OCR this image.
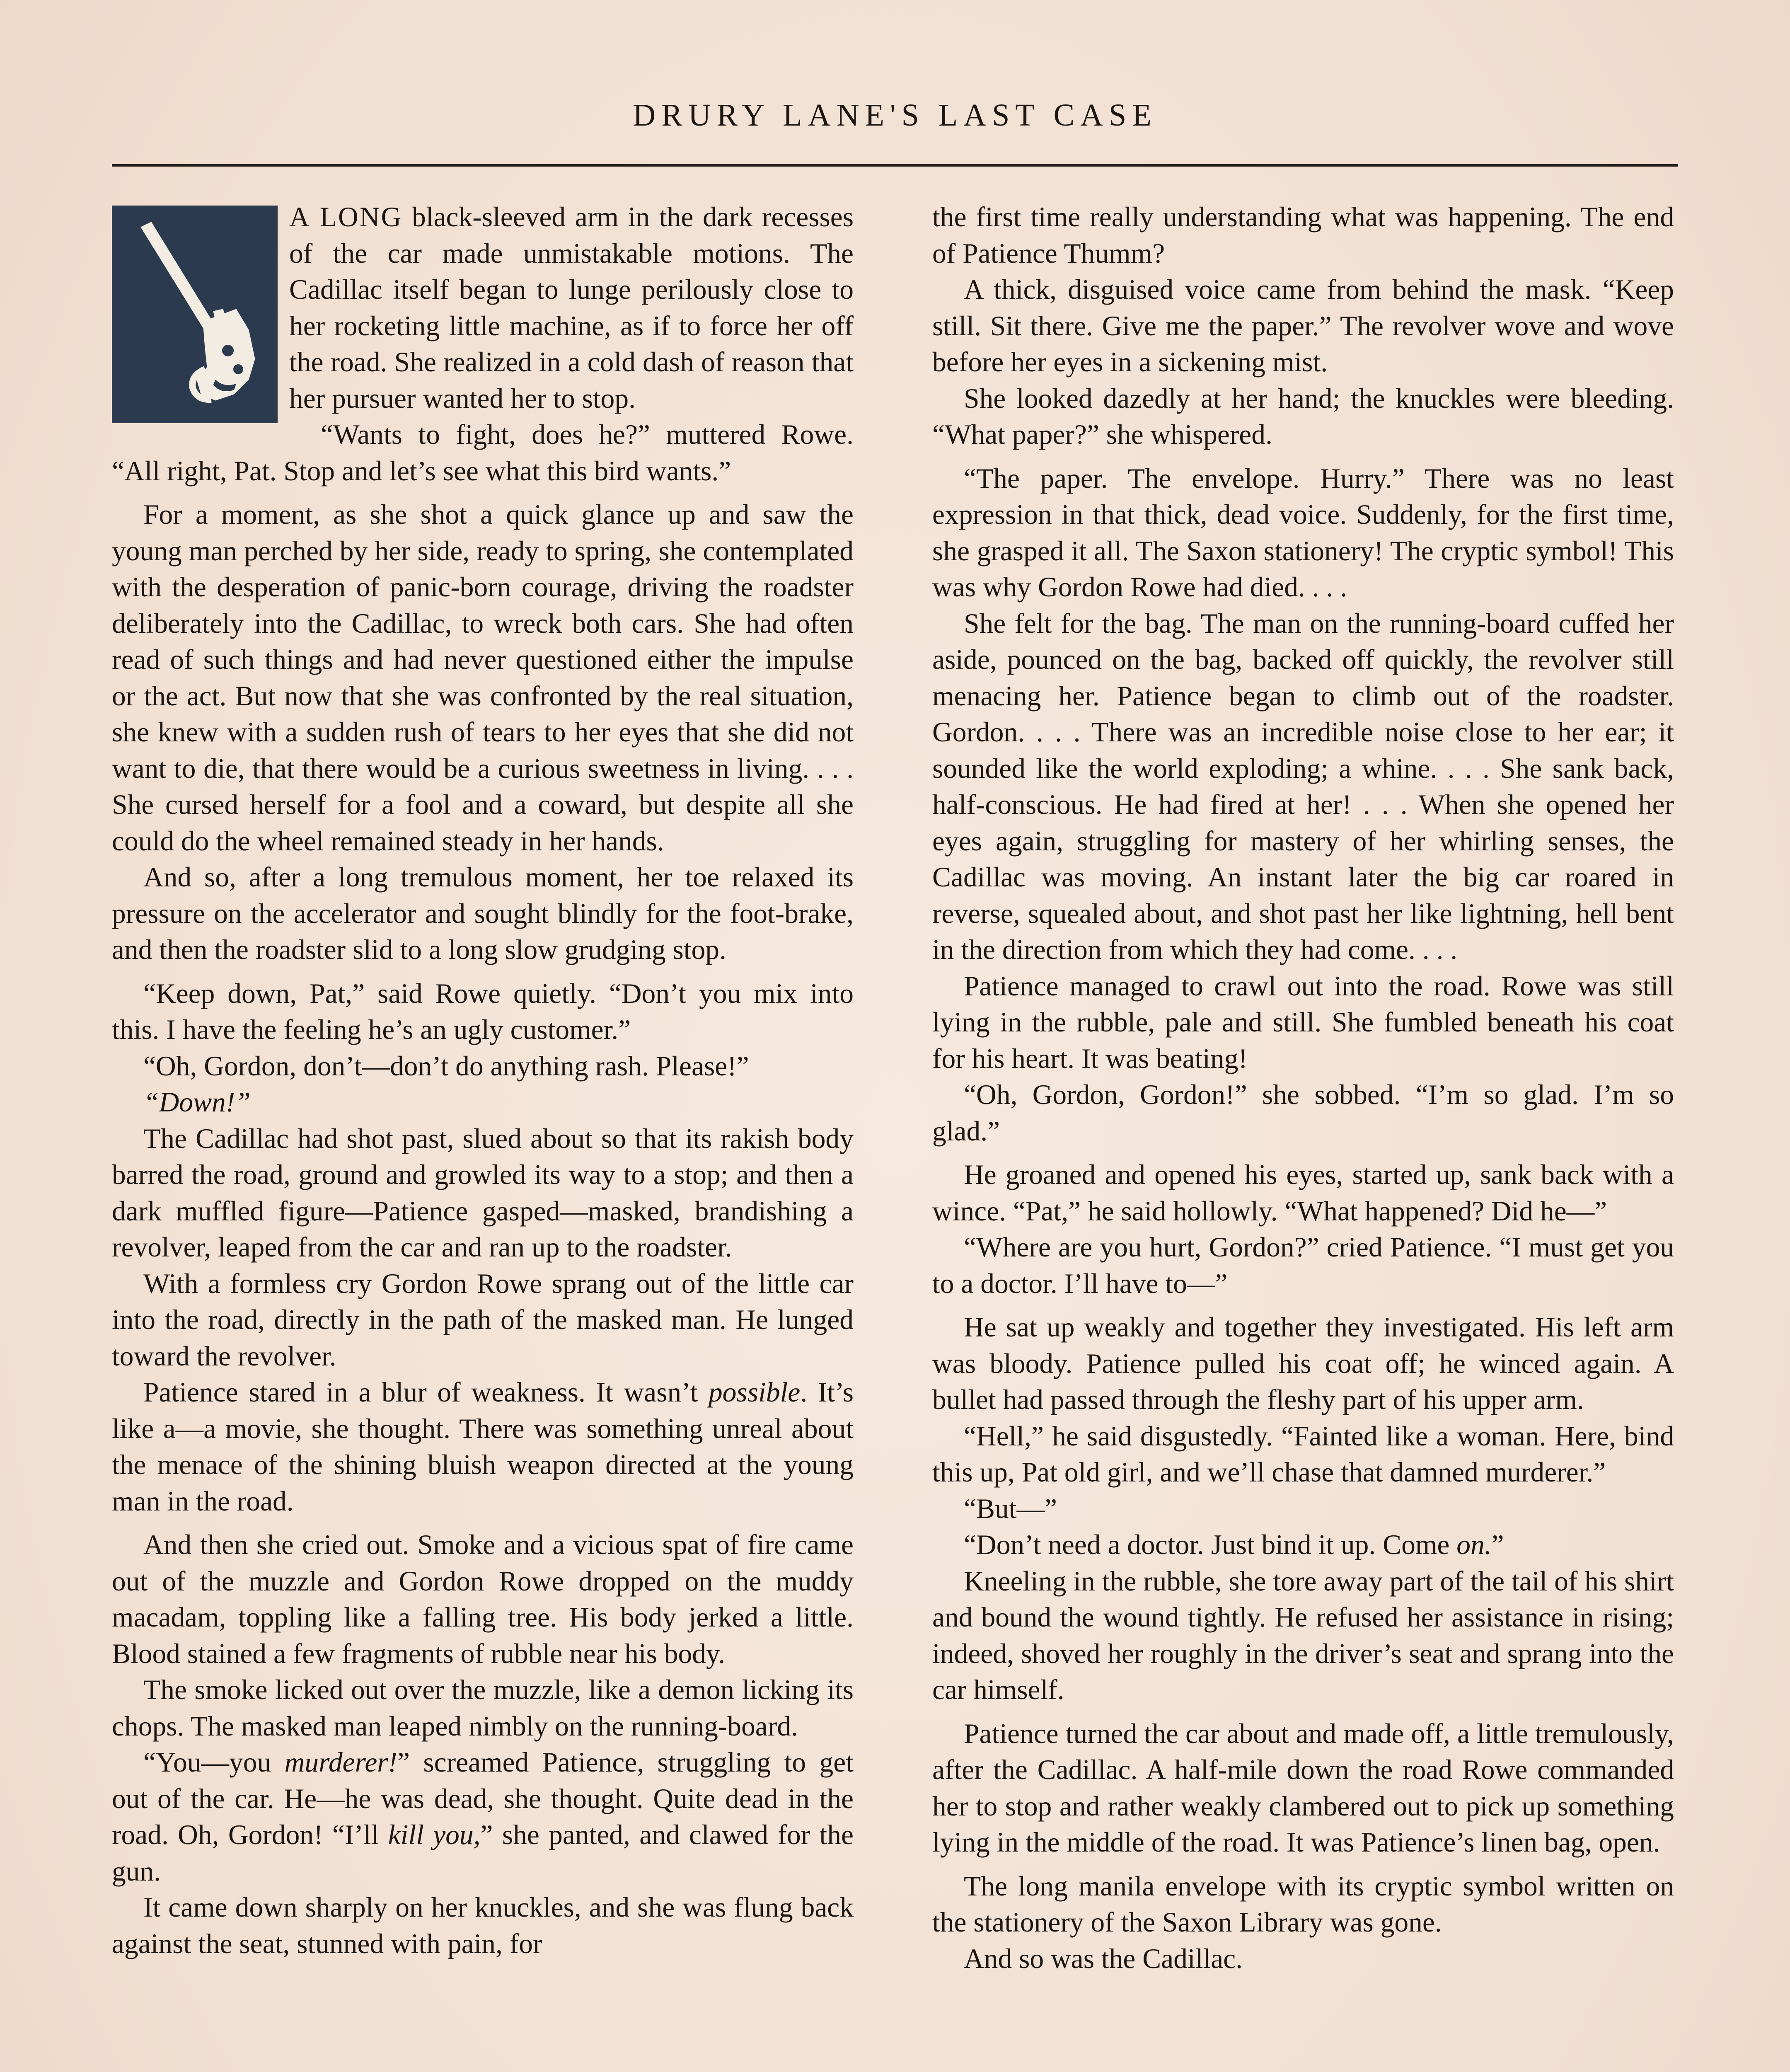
DRURY LANE'S LAST CASE

A LONG black-sleeved arm in the dark recesses of the car made unmistakable motions. The Cadillac itself began to lunge perilously close to her rocketing little machine, as if to force her off the road. She realized in a cold dash of reason that her pursuer wanted her to stop.

“Wants to fight, does he?” muttered Rowe. “All right, Pat. Stop and let’s see what this bird wants.”

For a moment, as she shot a quick glance up and saw the young man perched by her side, ready to spring, she contemplated with the desperation of panic-born courage, driving the roadster deliberately into the Cadillac, to wreck both cars. She had often read of such things and had never questioned either the impulse or the act. But now that she was confronted by the real situation, she knew with a sudden rush of tears to her eyes that she did not want to die, that there would be a curious sweetness in living. . . . She cursed herself for a fool and a coward, but despite all she could do the wheel remained steady in her hands.

And so, after a long tremulous moment, her toe relaxed its pressure on the accelerator and sought blindly for the foot-brake, and then the roadster slid to a long slow grudging stop.

“Keep down, Pat,” said Rowe quietly. “Don’t you mix into this. I have the feeling he’s an ugly customer.”

“Oh, Gordon, don’t—don’t do anything rash. Please!”

“Down!”

The Cadillac had shot past, slued about so that its rakish body barred the road, ground and growled its way to a stop; and then a dark muffled figure—Patience gasped—masked, brandishing a revolver, leaped from the car and ran up to the roadster.

With a formless cry Gordon Rowe sprang out of the little car into the road, directly in the path of the masked man. He lunged toward the revolver.

Patience stared in a blur of weakness. It wasn’t possible. It’s like a—a movie, she thought. There was something unreal about the menace of the shining bluish weapon directed at the young man in the road.

And then she cried out. Smoke and a vicious spat of fire came out of the muzzle and Gordon Rowe dropped on the muddy macadam, toppling like a falling tree. His body jerked a little. Blood stained a few fragments of rubble near his body.

The smoke licked out over the muzzle, like a demon licking its chops. The masked man leaped nimbly on the running-board.

“You—you murderer!” screamed Patience, struggling to get out of the car. He—he was dead, she thought. Quite dead in the road. Oh, Gordon! “I’ll kill you,” she panted, and clawed for the gun.

It came down sharply on her knuckles, and she was flung back against the seat, stunned with pain, for

the first time really understanding what was happening. The end of Patience Thumm?

A thick, disguised voice came from behind the mask. “Keep still. Sit there. Give me the paper.” The revolver wove and wove before her eyes in a sickening mist.

She looked dazedly at her hand; the knuckles were bleeding. “What paper?” she whispered.

“The paper. The envelope. Hurry.” There was no least expression in that thick, dead voice. Suddenly, for the first time, she grasped it all. The Saxon stationery! The cryptic symbol! This was why Gordon Rowe had died. . . .

She felt for the bag. The man on the running-board cuffed her aside, pounced on the bag, backed off quickly, the revolver still menacing her. Patience began to climb out of the roadster. Gordon. . . . There was an incredible noise close to her ear; it sounded like the world exploding; a whine. . . . She sank back, half-conscious. He had fired at her! . . . When she opened her eyes again, struggling for mastery of her whirling senses, the Cadillac was moving. An instant later the big car roared in reverse, squealed about, and shot past her like lightning, hell bent in the direction from which they had come. . . .

Patience managed to crawl out into the road. Rowe was still lying in the rubble, pale and still. She fumbled beneath his coat for his heart. It was beating!

“Oh, Gordon, Gordon!” she sobbed. “I’m so glad. I’m so glad.”

He groaned and opened his eyes, started up, sank back with a wince. “Pat,” he said hollowly. “What happened? Did he—”

“Where are you hurt, Gordon?” cried Patience. “I must get you to a doctor. I’ll have to—”

He sat up weakly and together they investigated. His left arm was bloody. Patience pulled his coat off; he winced again. A bullet had passed through the fleshy part of his upper arm.

“Hell,” he said disgustedly. “Fainted like a woman. Here, bind this up, Pat old girl, and we’ll chase that damned murderer.”

“But—”

“Don’t need a doctor. Just bind it up. Come on.”

Kneeling in the rubble, she tore away part of the tail of his shirt and bound the wound tightly. He refused her assistance in rising; indeed, shoved her roughly in the driver’s seat and sprang into the car himself.

Patience turned the car about and made off, a little tremulously, after the Cadillac. A half-mile down the road Rowe commanded her to stop and rather weakly clambered out to pick up something lying in the middle of the road. It was Patience’s linen bag, open.

The long manila envelope with its cryptic symbol written on the stationery of the Saxon Library was gone.

And so was the Cadillac.
